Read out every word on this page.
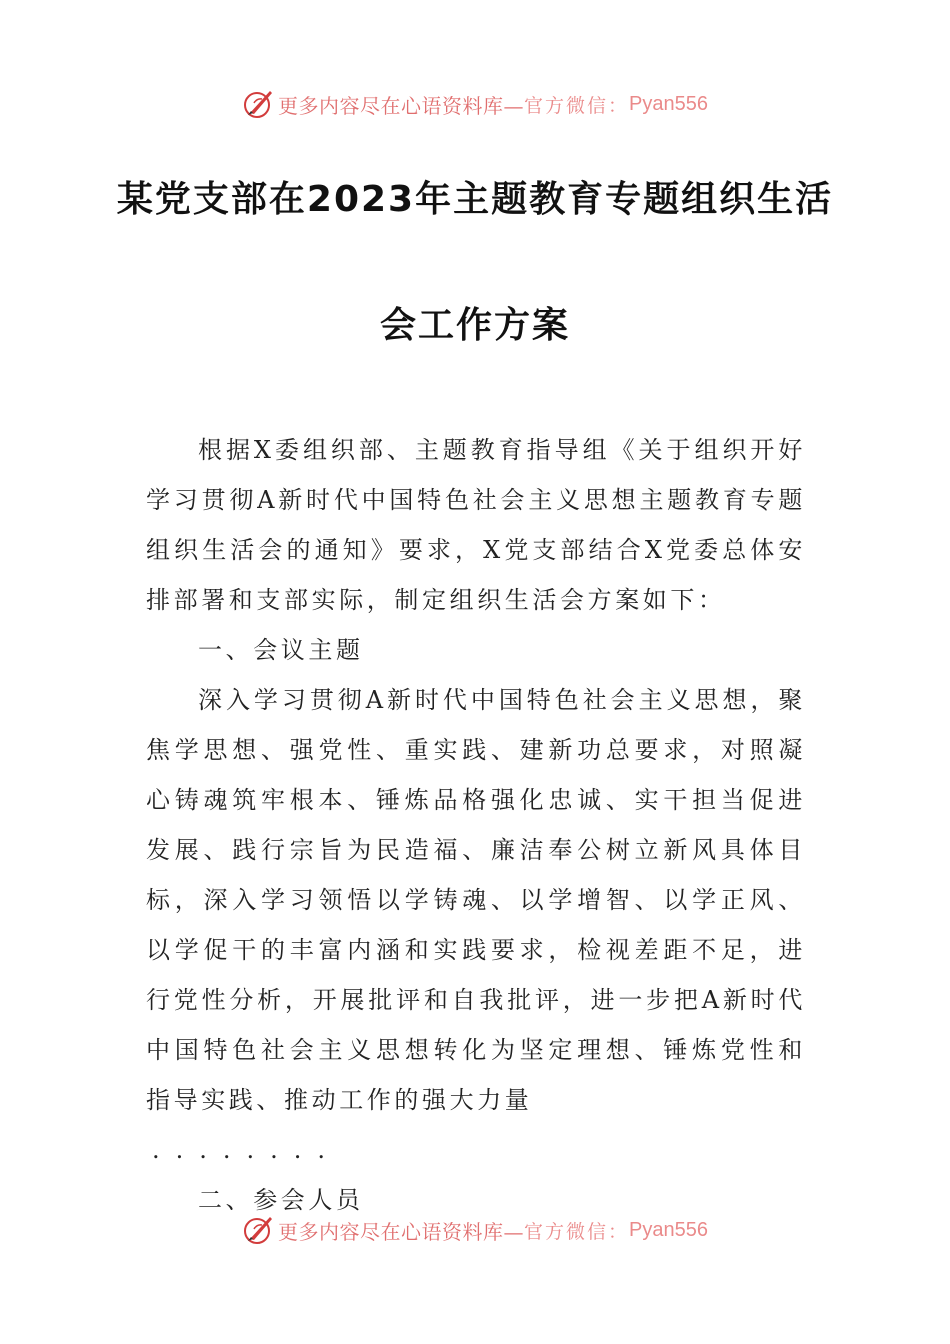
更多内容尽在心语资料库— 官方微信： Pyan556
某党支部在2023年主题教育专题组织生活
会工作方案

根据X委组织部、主题教育指导组《关于组织开好学习贯彻A新时代中国特色社会主义思想主题教育专题组织生活会的通知》要求，X党支部结合X党委总体安排部署和支部实际，制定组织生活会方案如下：

一、会议主题

深入学习贯彻A新时代中国特色社会主义思想，聚焦学思想、强党性、重实践、建新功总要求，对照凝心铸魂筑牢根本、锤炼品格强化忠诚、实干担当促进发展、践行宗旨为民造福、廉洁奉公树立新风具体目标，深入学习领悟以学铸魂、以学增智、以学正风、以学促干的丰富内涵和实践要求，检视差距不足，进行党性分析，开展批评和自我批评，进一步把A新时代中国特色社会主义思想转化为坚定理想、锤炼党性和指导实践、推动工作的强大力量

........

二、参会人员

更多内容尽在心语资料库— 官方微信： Pyan556
